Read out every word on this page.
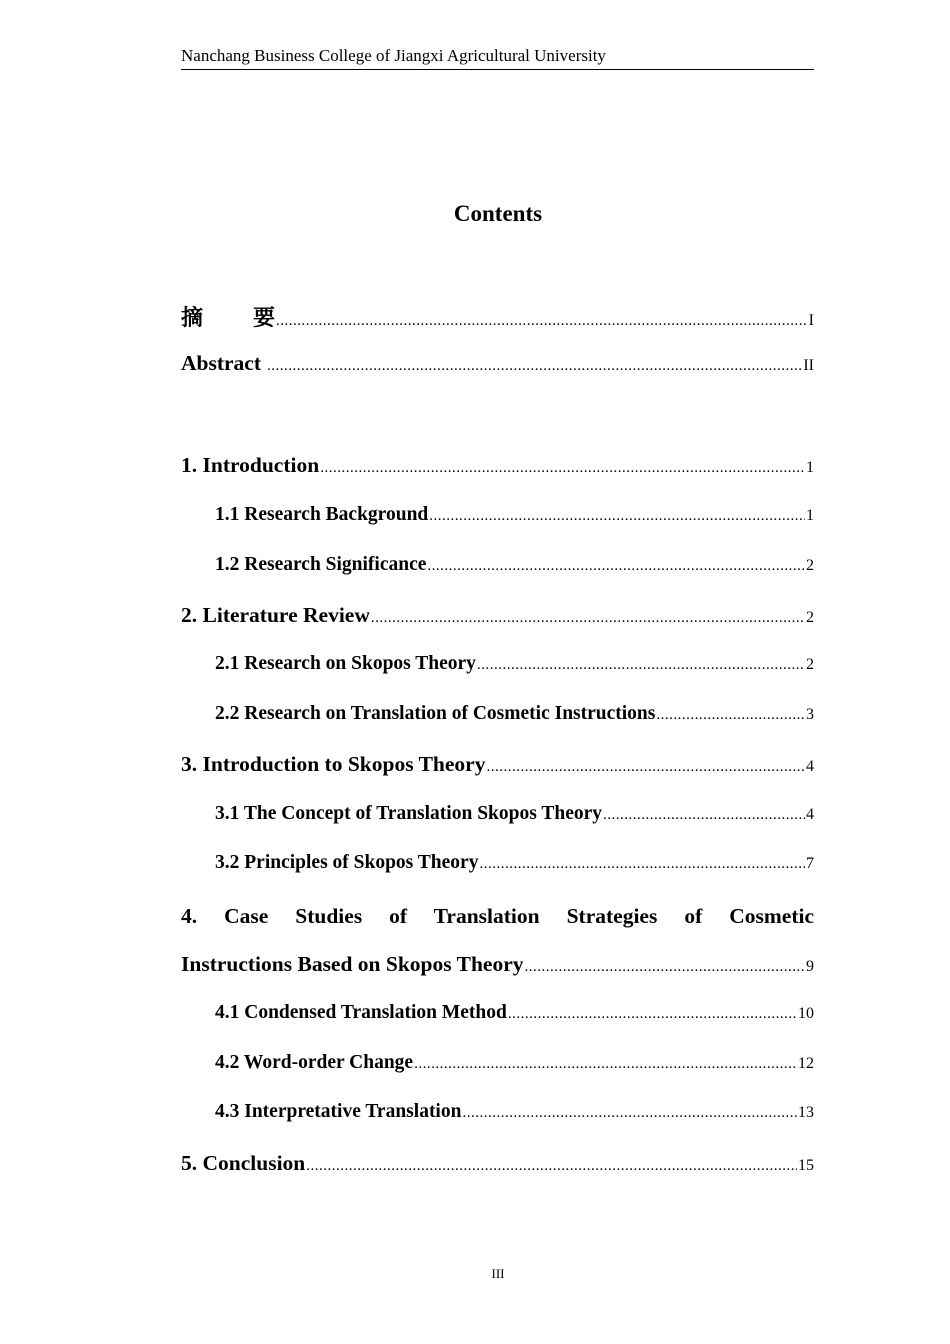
Nanchang Business College of Jiangxi Agricultural University
Contents
摘 要 .....	I
Abstract .....	II
1. Introduction .....	1
1.1 Research Background .....	1
1.2 Research Significance .....	2
2. Literature Review .....	2
2.1 Research on Skopos Theory .....	2
2.2 Research on Translation of Cosmetic Instructions .....	3
3. Introduction to Skopos Theory .....	4
3.1 The Concept of Translation Skopos Theory .....	4
3.2 Principles of Skopos Theory .....	7
4. Case Studies of Translation Strategies of Cosmetic
Instructions Based on Skopos Theory .....	9
4.1 Condensed Translation Method .....	10
4.2 Word-order Change .....	12
4.3 Interpretative Translation .....	13
5. Conclusion .....	15
III
